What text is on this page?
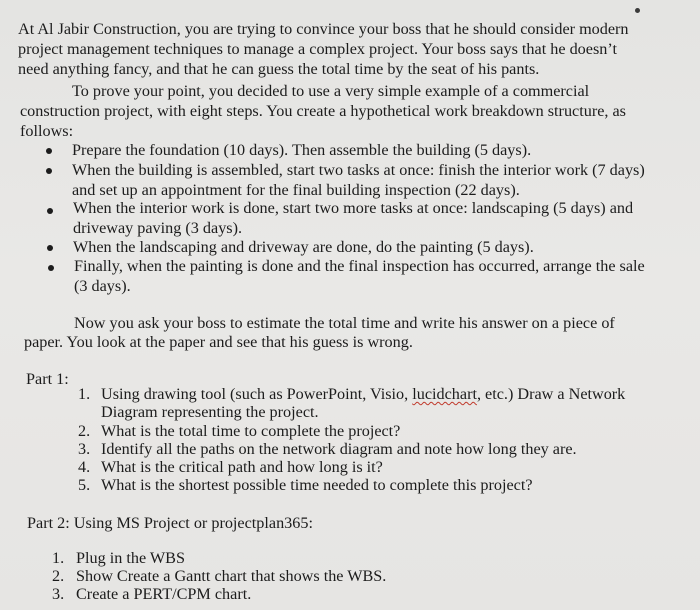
At Al Jabir Construction, you are trying to convince your boss that he should consider modern
project management techniques to manage a complex project. Your boss says that he doesn’t
need anything fancy, and that he can guess the total time by the seat of his pants.
To prove your point, you decided to use a very simple example of a commercial
construction project, with eight steps. You create a hypothetical work breakdown structure, as
follows:
Prepare the foundation (10 days). Then assemble the building (5 days).
When the building is assembled, start two tasks at once: finish the interior work (7 days)
and set up an appointment for the final building inspection (22 days).
When the interior work is done, start two more tasks at once: landscaping (5 days) and
driveway paving (3 days).
When the landscaping and driveway are done, do the painting (5 days).
Finally, when the painting is done and the final inspection has occurred, arrange the sale
(3 days).
Now you ask your boss to estimate the total time and write his answer on a piece of
paper. You look at the paper and see that his guess is wrong.
Part 1:
1. Using drawing tool (such as PowerPoint, Visio, lucidchart, etc.) Draw a Network
Diagram representing the project.
2. What is the total time to complete the project?
3. Identify all the paths on the network diagram and note how long they are.
4. What is the critical path and how long is it?
5. What is the shortest possible time needed to complete this project?
Part 2: Using MS Project or projectplan365:
1. Plug in the WBS
2. Show Create a Gantt chart that shows the WBS.
3. Create a PERT/CPM chart.
